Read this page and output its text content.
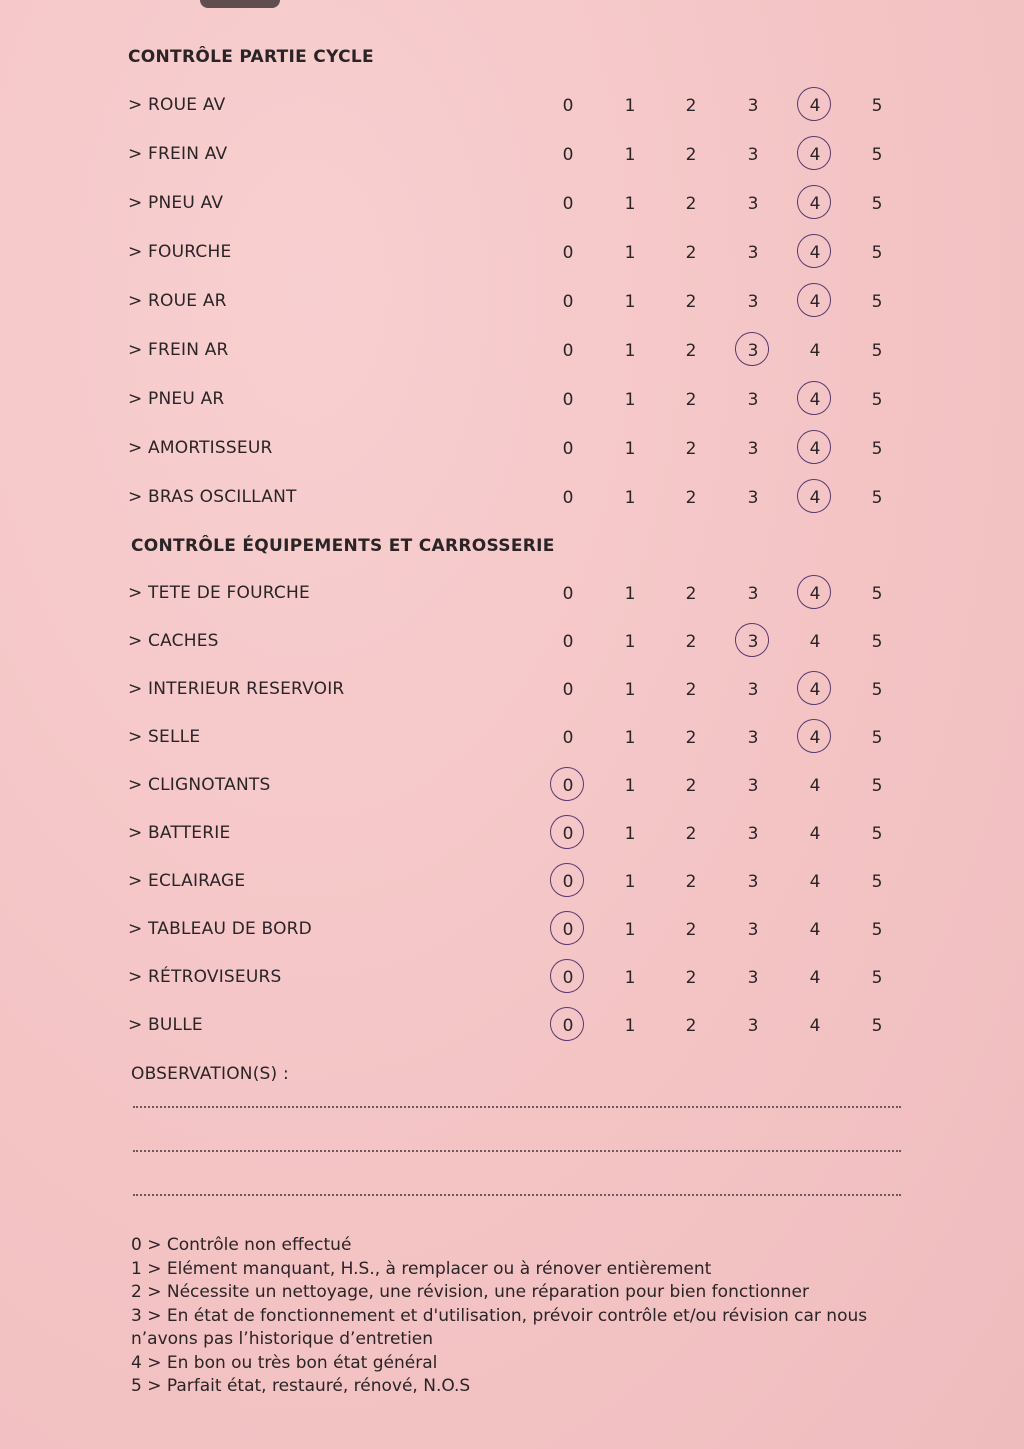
CONTRÔLE PARTIE CYCLE
> ROUE AV	0	1	2	3	4	5
> FREIN AV	0	1	2	3	4	5
> PNEU AV	0	1	2	3	4	5
> FOURCHE	0	1	2	3	4	5
> ROUE AR	0	1	2	3	4	5
> FREIN AR	0	1	2	3	4	5
> PNEU AR	0	1	2	3	4	5
> AMORTISSEUR	0	1	2	3	4	5
> BRAS OSCILLANT	0	1	2	3	4	5
CONTRÔLE ÉQUIPEMENTS ET CARROSSERIE
> TETE DE FOURCHE	0	1	2	3	4	5
> CACHES	0	1	2	3	4	5
> INTERIEUR RESERVOIR	0	1	2	3	4	5
> SELLE	0	1	2	3	4	5
> CLIGNOTANTS	0	1	2	3	4	5
> BATTERIE	0	1	2	3	4	5
> ECLAIRAGE	0	1	2	3	4	5
> TABLEAU DE BORD	0	1	2	3	4	5
> RÉTROVISEURS	0	1	2	3	4	5
> BULLE	0	1	2	3	4	5
OBSERVATION(S) :

0 > Contrôle non effectué

1 > Elément manquant, H.S., à remplacer ou à rénover entièrement

2 > Nécessite un nettoyage, une révision, une réparation pour bien fonctionner

3 > En état de fonctionnement et d'utilisation, prévoir contrôle et/ou révision car nous n’avons pas l’historique d’entretien

4 > En bon ou très bon état général

5 > Parfait état, restauré, rénové, N.O.S
